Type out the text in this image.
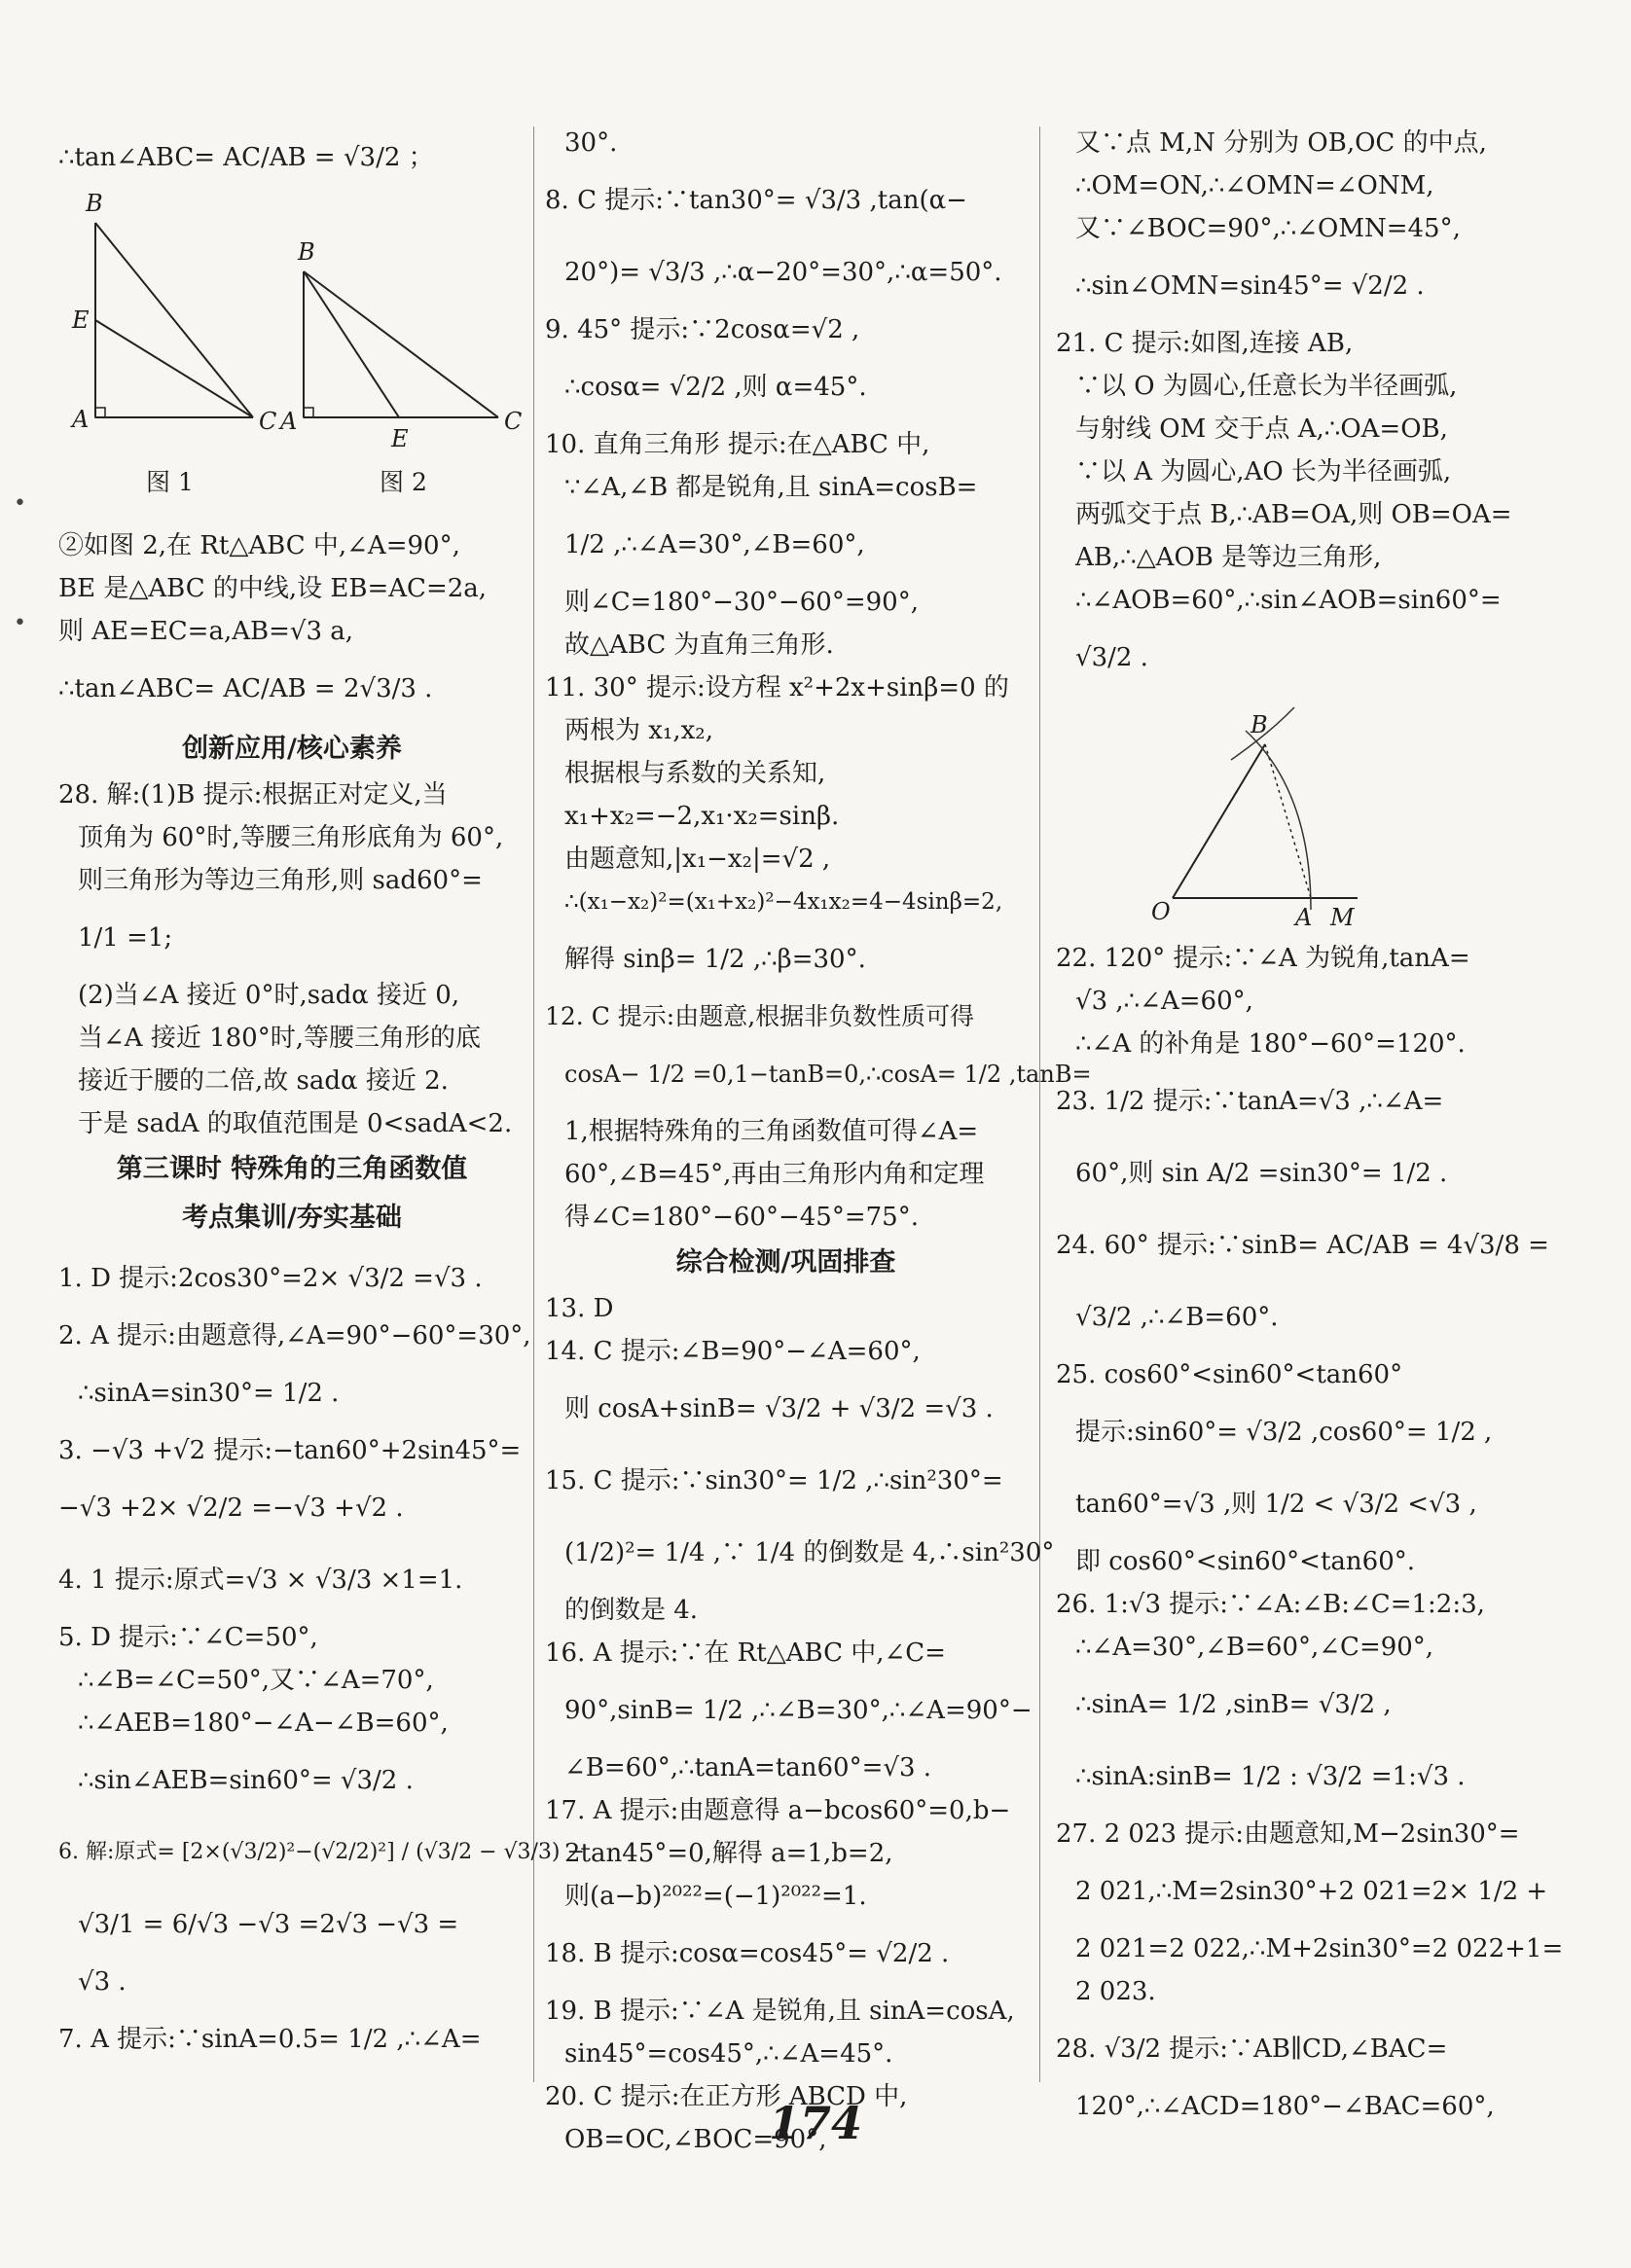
•
•
∴tan∠ABC= AC/AB = √3/2 ；
B
E
A	C
图 1
B
A
E
C
图 2
②如图 2,在 Rt△ABC 中,∠A=90°,
BE 是△ABC 的中线,设 EB=AC=2a,
则 AE=EC=a,AB=√3 a,
∴tan∠ABC= AC/AB = 2√3/3 .
创新应用/核心素养
28. 解:(1)B 提示:根据正对定义,当
顶角为 60°时,等腰三角形底角为 60°,
则三角形为等边三角形,则 sad60°=
1/1 =1;
(2)当∠A 接近 0°时,sadα 接近 0,
当∠A 接近 180°时,等腰三角形的底
接近于腰的二倍,故 sadα 接近 2.
于是 sadA 的取值范围是 0<sadA<2.
第三课时 特殊角的三角函数值
考点集训/夯实基础
1. D 提示:2cos30°=2× √3/2 =√3 .
2. A 提示:由题意得,∠A=90°−60°=30°,
∴sinA=sin30°= 1/2 .
3. −√3 +√2 提示:−tan60°+2sin45°=
−√3 +2× √2/2 =−√3 +√2 .
4. 1 提示:原式=√3 × √3/3 ×1=1.
5. D 提示:∵∠C=50°,
∴∠B=∠C=50°,又∵∠A=70°,
∴∠AEB=180°−∠A−∠B=60°,
∴sin∠AEB=sin60°= √3/2 .
6. 解:原式= [2×(√3/2)²−(√2/2)²] / (√3/2 − √3/3) −
√3/1 = 6/√3 −√3 =2√3 −√3 =
√3 .
7. A 提示:∵sinA=0.5= 1/2 ,∴∠A=
30°.
8. C 提示:∵tan30°= √3/3 ,tan(α−
20°)= √3/3 ,∴α−20°=30°,∴α=50°.
9. 45° 提示:∵2cosα=√2 ,
∴cosα= √2/2 ,则 α=45°.
10. 直角三角形 提示:在△ABC 中,
∵∠A,∠B 都是锐角,且 sinA=cosB=
1/2 ,∴∠A=30°,∠B=60°,
则∠C=180°−30°−60°=90°,
故△ABC 为直角三角形.
11. 30° 提示:设方程 x²+2x+sinβ=0 的
两根为 x₁,x₂,
根据根与系数的关系知,
x₁+x₂=−2,x₁·x₂=sinβ.
由题意知,|x₁−x₂|=√2 ,
∴(x₁−x₂)²=(x₁+x₂)²−4x₁x₂=4−4sinβ=2,
解得 sinβ= 1/2 ,∴β=30°.
12. C 提示:由题意,根据非负数性质可得
cosA− 1/2 =0,1−tanB=0,∴cosA= 1/2 ,tanB=
1,根据特殊角的三角函数值可得∠A=
60°,∠B=45°,再由三角形内角和定理
得∠C=180°−60°−45°=75°.
综合检测/巩固排查
13. D
14. C 提示:∠B=90°−∠A=60°,
则 cosA+sinB= √3/2 + √3/2 =√3 .
15. C 提示:∵sin30°= 1/2 ,∴sin²30°=
(1/2)²= 1/4 ,∵ 1/4 的倒数是 4,∴sin²30°
的倒数是 4.
16. A 提示:∵在 Rt△ABC 中,∠C=
90°,sinB= 1/2 ,∴∠B=30°,∴∠A=90°−
∠B=60°,∴tanA=tan60°=√3 .
17. A 提示:由题意得 a−bcos60°=0,b−
2tan45°=0,解得 a=1,b=2,
则(a−b)²⁰²²=(−1)²⁰²²=1.
18. B 提示:cosα=cos45°= √2/2 .
19. B 提示:∵∠A 是锐角,且 sinA=cosA,
sin45°=cos45°,∴∠A=45°.
20. C 提示:在正方形 ABCD 中,
OB=OC,∠BOC=90°,
又∵点 M,N 分别为 OB,OC 的中点,
∴OM=ON,∴∠OMN=∠ONM,
又∵∠BOC=90°,∴∠OMN=45°,
∴sin∠OMN=sin45°= √2/2 .
21. C 提示:如图,连接 AB,
∵以 O 为圆心,任意长为半径画弧,
与射线 OM 交于点 A,∴OA=OB,
∵以 A 为圆心,AO 长为半径画弧,
两弧交于点 B,∴AB=OA,则 OB=OA=
AB,∴△AOB 是等边三角形,
∴∠AOB=60°,∴sin∠AOB=sin60°=
√3/2 .
B
O	A M
22. 120° 提示:∵∠A 为锐角,tanA=
√3 ,∴∠A=60°,
∴∠A 的补角是 180°−60°=120°.
23. 1/2 提示:∵tanA=√3 ,∴∠A=
60°,则 sin A/2 =sin30°= 1/2 .
24. 60° 提示:∵sinB= AC/AB = 4√3/8 =
√3/2 ,∴∠B=60°.
25. cos60°<sin60°<tan60°
提示:sin60°= √3/2 ,cos60°= 1/2 ,
tan60°=√3 ,则 1/2 < √3/2 <√3 ,
即 cos60°<sin60°<tan60°.
26. 1:√3 提示:∵∠A:∠B:∠C=1:2:3,
∴∠A=30°,∠B=60°,∠C=90°,
∴sinA= 1/2 ,sinB= √3/2 ,
∴sinA:sinB= 1/2 : √3/2 =1:√3 .
27. 2 023 提示:由题意知,M−2sin30°=
2 021,∴M=2sin30°+2 021=2× 1/2 +
2 021=2 022,∴M+2sin30°=2 022+1=
2 023.
28. √3/2 提示:∵AB∥CD,∠BAC=
120°,∴∠ACD=180°−∠BAC=60°,
174
